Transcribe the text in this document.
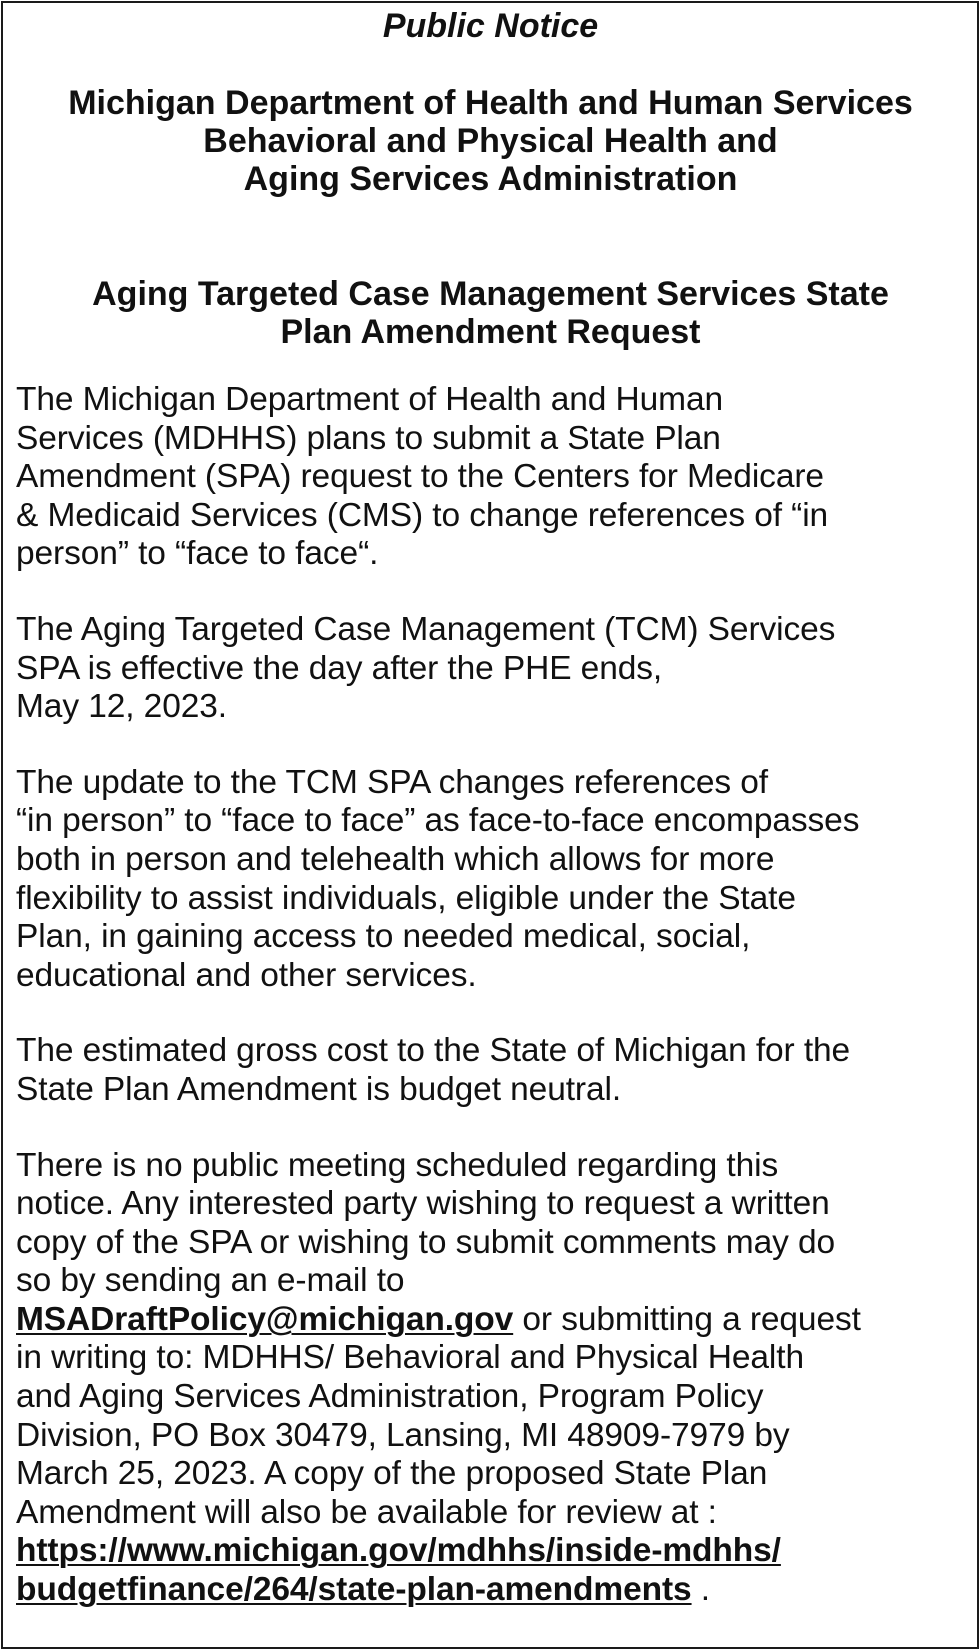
Public Notice

Michigan Department of Health and Human Services

Behavioral and Physical Health and

Aging Services Administration

Aging Targeted Case Management Services State

Plan Amendment Request

The Michigan Department of Health and Human
Services (MDHHS) plans to submit a State Plan
Amendment (SPA) request to the Centers for Medicare
& Medicaid Services (CMS) to change references of “in
person” to “face to face“.

The Aging Targeted Case Management (TCM) Services
SPA is effective the day after the PHE ends,
May 12, 2023.

The update to the TCM SPA changes references of
“in person” to “face to face” as face-to-face encompasses
both in person and telehealth which allows for more
flexibility to assist individuals, eligible under the State
Plan, in gaining access to needed medical, social,
educational and other services.

The estimated gross cost to the State of Michigan for the
State Plan Amendment is budget neutral.

There is no public meeting scheduled regarding this
notice. Any interested party wishing to request a written
copy of the SPA or wishing to submit comments may do
so by sending an e-mail to
MSADraftPolicy@michigan.gov or submitting a request
in writing to: MDHHS/ Behavioral and Physical Health
and Aging Services Administration, Program Policy
Division, PO Box 30479, Lansing, MI 48909-7979 by
March 25, 2023. A copy of the proposed State Plan
Amendment will also be available for review at :
https://www.michigan.gov/mdhhs/inside-mdhhs/
budgetfinance/264/state-plan-amendments .
